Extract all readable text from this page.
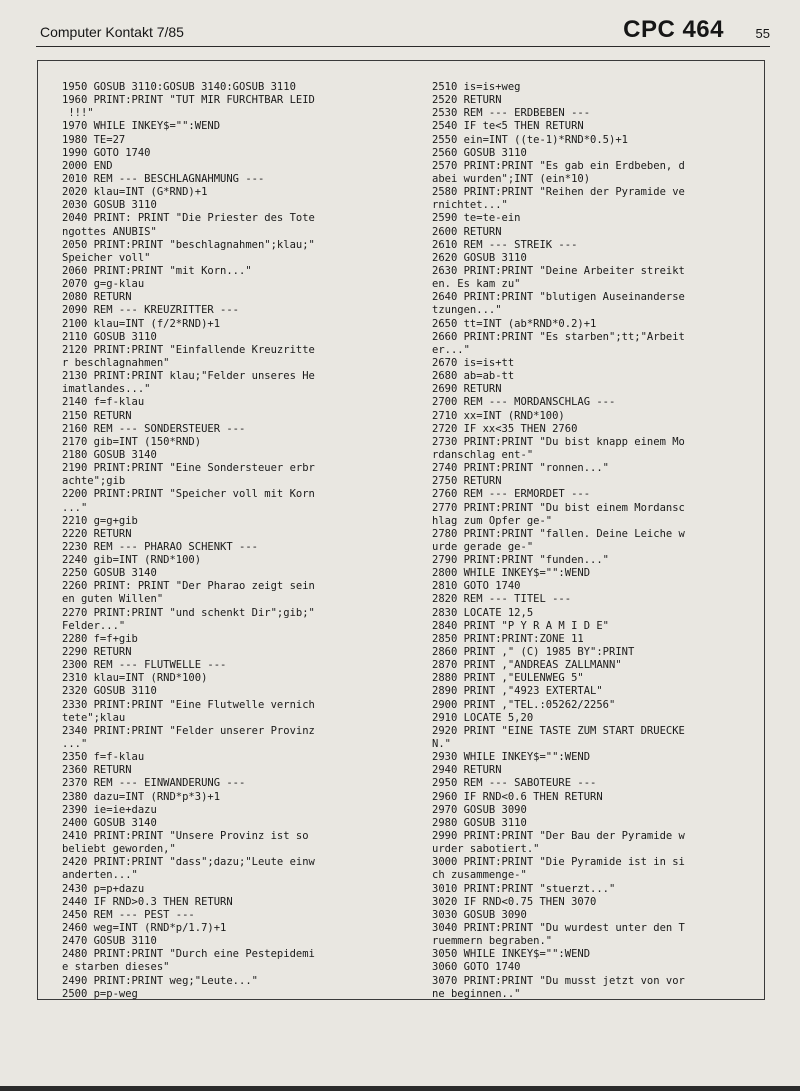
Computer Kontakt 7/85	CPC 464 55
1950 GOSUB 3110:GOSUB 3140:GOSUB 3110
1960 PRINT:PRINT "TUT MIR FURCHTBAR LEID
!!!"
1970 WHILE INKEY$="":WEND
1980 TE=27
1990 GOTO 1740
2000 END
2010 REM --- BESCHLAGNAHMUNG ---
2020 klau=INT (G*RND)+1
2030 GOSUB 3110
2040 PRINT: PRINT "Die Priester des Tote
ngottes ANUBIS"
2050 PRINT:PRINT "beschlagnahmen";klau;"
Speicher voll"
2060 PRINT:PRINT "mit Korn..."
2070 g=g-klau
2080 RETURN
2090 REM --- KREUZRITTER ---
2100 klau=INT (f/2*RND)+1
2110 GOSUB 3110
2120 PRINT:PRINT "Einfallende Kreuzritte
r beschlagnahmen"
2130 PRINT:PRINT klau;"Felder unseres He
imatlandes..."
2140 f=f-klau
2150 RETURN
2160 REM --- SONDERSTEUER ---
2170 gib=INT (150*RND)
2180 GOSUB 3140
2190 PRINT:PRINT "Eine Sondersteuer erbr
achte";gib
2200 PRINT:PRINT "Speicher voll mit Korn
..."
2210 g=g+gib
2220 RETURN
2230 REM --- PHARAO SCHENKT ---
2240 gib=INT (RND*100)
2250 GOSUB 3140
2260 PRINT: PRINT "Der Pharao zeigt sein
en guten Willen"
2270 PRINT:PRINT "und schenkt Dir";gib;"
Felder..."
2280 f=f+gib
2290 RETURN
2300 REM --- FLUTWELLE ---
2310 klau=INT (RND*100)
2320 GOSUB 3110
2330 PRINT:PRINT "Eine Flutwelle vernich
tete";klau
2340 PRINT:PRINT "Felder unserer Provinz
..."
2350 f=f-klau
2360 RETURN
2370 REM --- EINWANDERUNG ---
2380 dazu=INT (RND*p*3)+1
2390 ie=ie+dazu
2400 GOSUB 3140
2410 PRINT:PRINT "Unsere Provinz ist so
beliebt geworden,"
2420 PRINT:PRINT "dass";dazu;"Leute einw
anderten..."
2430 p=p+dazu
2440 IF RND>0.3 THEN RETURN
2450 REM --- PEST ---
2460 weg=INT (RND*p/1.7)+1
2470 GOSUB 3110
2480 PRINT:PRINT "Durch eine Pestepidemi
e starben dieses"
2490 PRINT:PRINT weg;"Leute..."
2500 p=p-weg
2510 is=is+weg
2520 RETURN
2530 REM --- ERDBEBEN ---
2540 IF te<5 THEN RETURN
2550 ein=INT ((te-1)*RND*0.5)+1
2560 GOSUB 3110
2570 PRINT:PRINT "Es gab ein Erdbeben, d
abei wurden";INT (ein*10)
2580 PRINT:PRINT "Reihen der Pyramide ve
rnichtet..."
2590 te=te-ein
2600 RETURN
2610 REM --- STREIK ---
2620 GOSUB 3110
2630 PRINT:PRINT "Deine Arbeiter streikt
en. Es kam zu"
2640 PRINT:PRINT "blutigen Auseinanderse
tzungen..."
2650 tt=INT (ab*RND*0.2)+1
2660 PRINT:PRINT "Es starben";tt;"Arbeit
er..."
2670 is=is+tt
2680 ab=ab-tt
2690 RETURN
2700 REM --- MORDANSCHLAG ---
2710 xx=INT (RND*100)
2720 IF xx<35 THEN 2760
2730 PRINT:PRINT "Du bist knapp einem Mo
rdanschlag ent-"
2740 PRINT:PRINT "ronnen..."
2750 RETURN
2760 REM --- ERMORDET ---
2770 PRINT:PRINT "Du bist einem Mordansc
hlag zum Opfer ge-"
2780 PRINT:PRINT "fallen. Deine Leiche w
urde gerade ge-"
2790 PRINT:PRINT "funden..."
2800 WHILE INKEY$="":WEND
2810 GOTO 1740
2820 REM --- TITEL ---
2830 LOCATE 12,5
2840 PRINT "P Y R A M I D E"
2850 PRINT:PRINT:ZONE 11
2860 PRINT ," (C) 1985 BY":PRINT
2870 PRINT ,"ANDREAS ZALLMANN"
2880 PRINT ,"EULENWEG 5"
2890 PRINT ,"4923 EXTERTAL"
2900 PRINT ,"TEL.:05262/2256"
2910 LOCATE 5,20
2920 PRINT "EINE TASTE ZUM START DRUECKE
N."
2930 WHILE INKEY$="":WEND
2940 RETURN
2950 REM --- SABOTEURE ---
2960 IF RND<0.6 THEN RETURN
2970 GOSUB 3090
2980 GOSUB 3110
2990 PRINT:PRINT "Der Bau der Pyramide w
urder sabotiert."
3000 PRINT:PRINT "Die Pyramide ist in si
ch zusammenge-"
3010 PRINT:PRINT "stuerzt..."
3020 IF RND<0.75 THEN 3070
3030 GOSUB 3090
3040 PRINT:PRINT "Du wurdest unter den T
ruemmern begraben."
3050 WHILE INKEY$="":WEND
3060 GOTO 1740
3070 PRINT:PRINT "Du musst jetzt von vor
ne beginnen.."
